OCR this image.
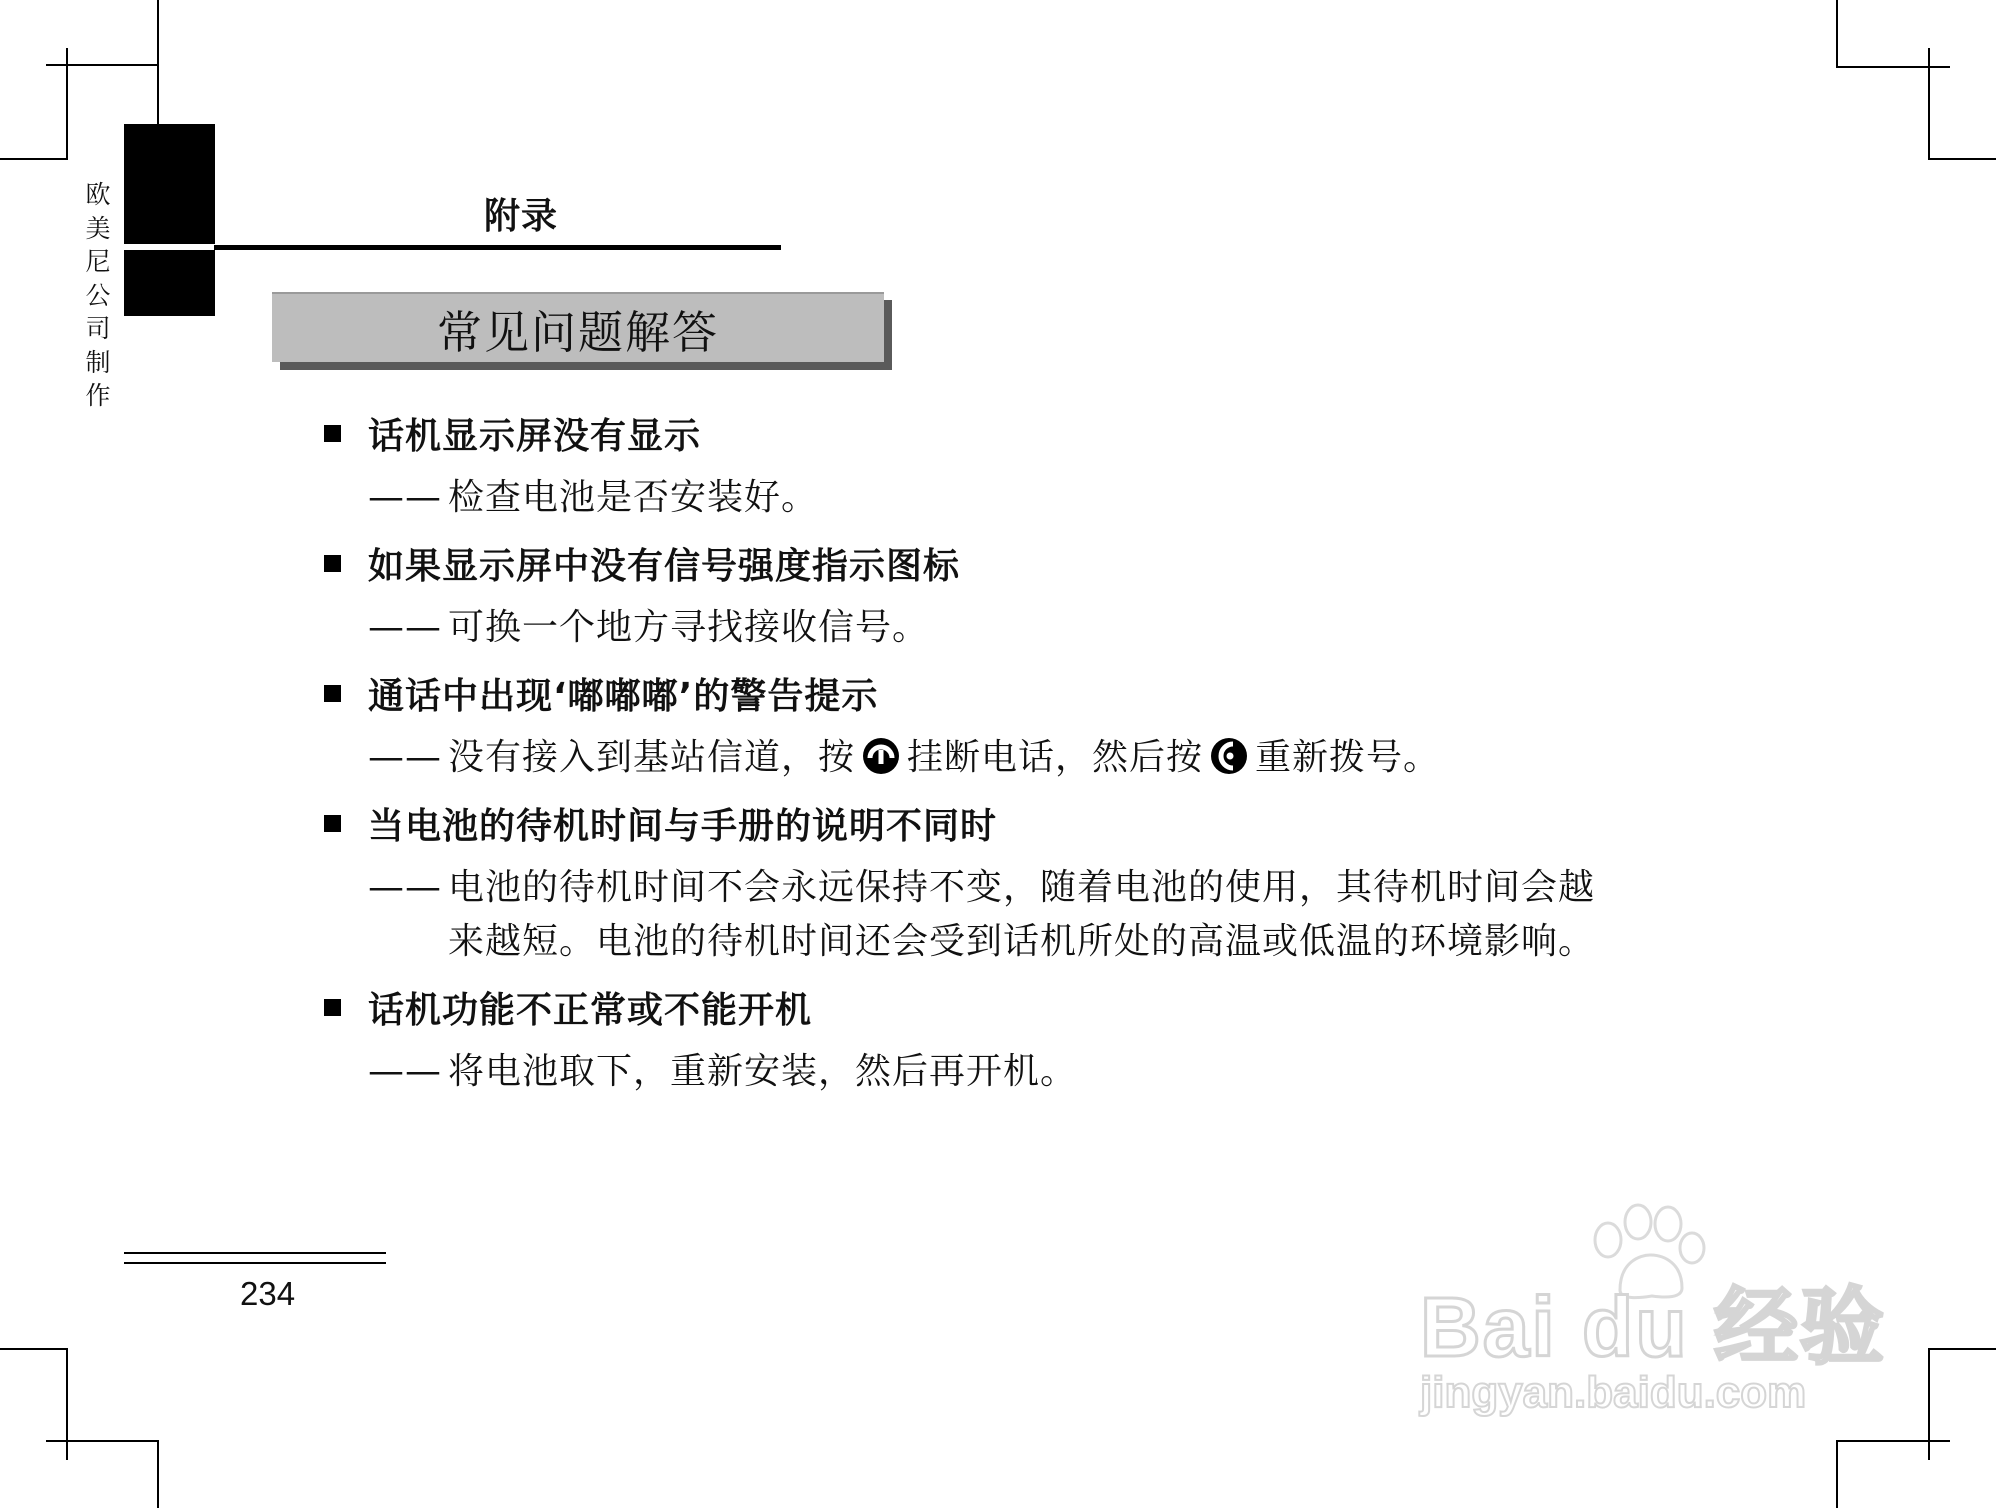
欧美尼公司制作
附录
常见问题解答
话机显示屏没有显示
—— 检查电池是否安装好。
如果显示屏中没有信号强度指示图标
—— 可换一个地方寻找接收信号。
通话中出现‘嘟嘟嘟’的警告提示
—— 没有接入到基站信道，按 挂断电话，然后按 重新拨号。
当电池的待机时间与手册的说明不同时
—— 电池的待机时间不会永远保持不变，随着电池的使用，其待机时间会越
来越短。电池的待机时间还会受到话机所处的高温或低温的环境影响。
话机功能不正常或不能开机
—— 将电池取下，重新安装，然后再开机。
234	Bai du 经验
jingyan.baidu.com
